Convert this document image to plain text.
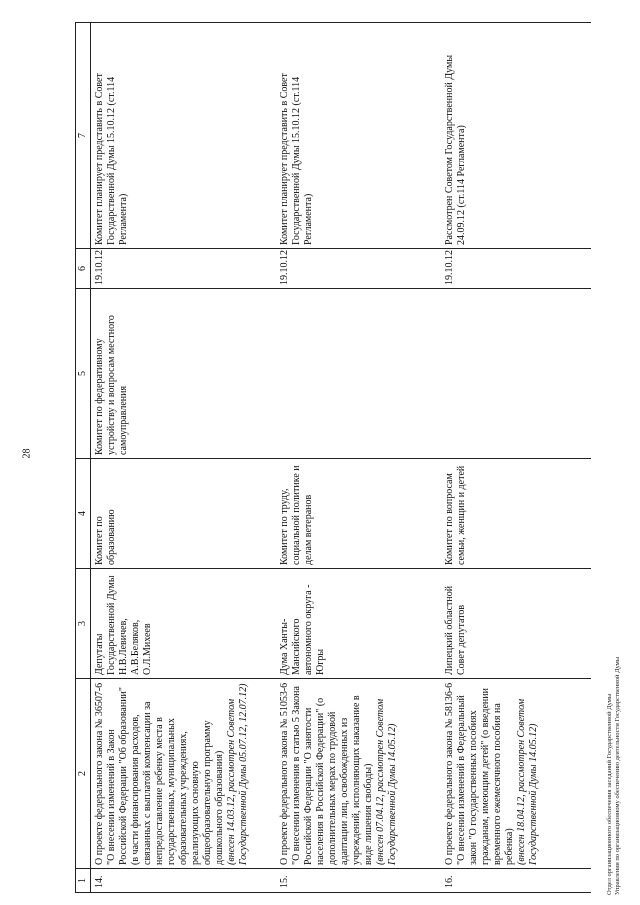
28
1	2	3	4	5	6	7
14.	О проекте федерального закона № 36507-6 "О внесении изменений в Закон Российской Федерации "Об образовании" (в части финансирования расходов, связанных с выплатой компенсации за непредоставление ребенку места в государственных, муниципальных образовательных учреждениях, реализующих основную общеобразовательную программу дошкольного образования) (внесен 14.03.12, рассмотрен Советом Государственной Думы 05.07.12, 12.07.12)	Депутаты Государственной Думы Н.В.Левичев, А.В.Беляков, О.Л.Михеев	Комитет по образованию	Комитет по федеративному устройству и вопросам местного самоуправления	19.10.12	Комитет планирует представить в Совет Государственной Думы 15.10.12 (ст.114 Регламента)
15.	О проекте федерального закона № 51053-6 "О внесении изменения в статью 5 Закона Российской Федерации "О занятости населения в Российской Федерации" (о дополнительных мерах по трудовой адаптации лиц, освобожденных из учреждений, исполняющих наказание в виде лишения свободы) (внесен 07.04.12, рассмотрен Советом Государственной Думы 14.05.12)	Дума Ханты-Мансийского автономного округа - Югры	Комитет по труду, социальной политике и делам ветеранов		19.10.12	Комитет планирует представить в Совет Государственной Думы 15.10.12 (ст.114 Регламента)
16.	О проекте федерального закона № 58136-6 "О внесении изменений в Федеральный закон "О государственных пособиях гражданам, имеющим детей" (о введении временного ежемесячного пособия на ребенка) (внесен 18.04.12, рассмотрен Советом Государственной Думы 14.05.12)	Липецкий областной Совет депутатов	Комитет по вопросам семьи, женщин и детей		19.10.12	Рассмотрен Советом Государственной Думы 24.09.12 (ст.114 Регламента)
Отдел организационного обеспечения заседаний Государственной Думы Управления по организационному обеспечению деятельности Государственной Думы
